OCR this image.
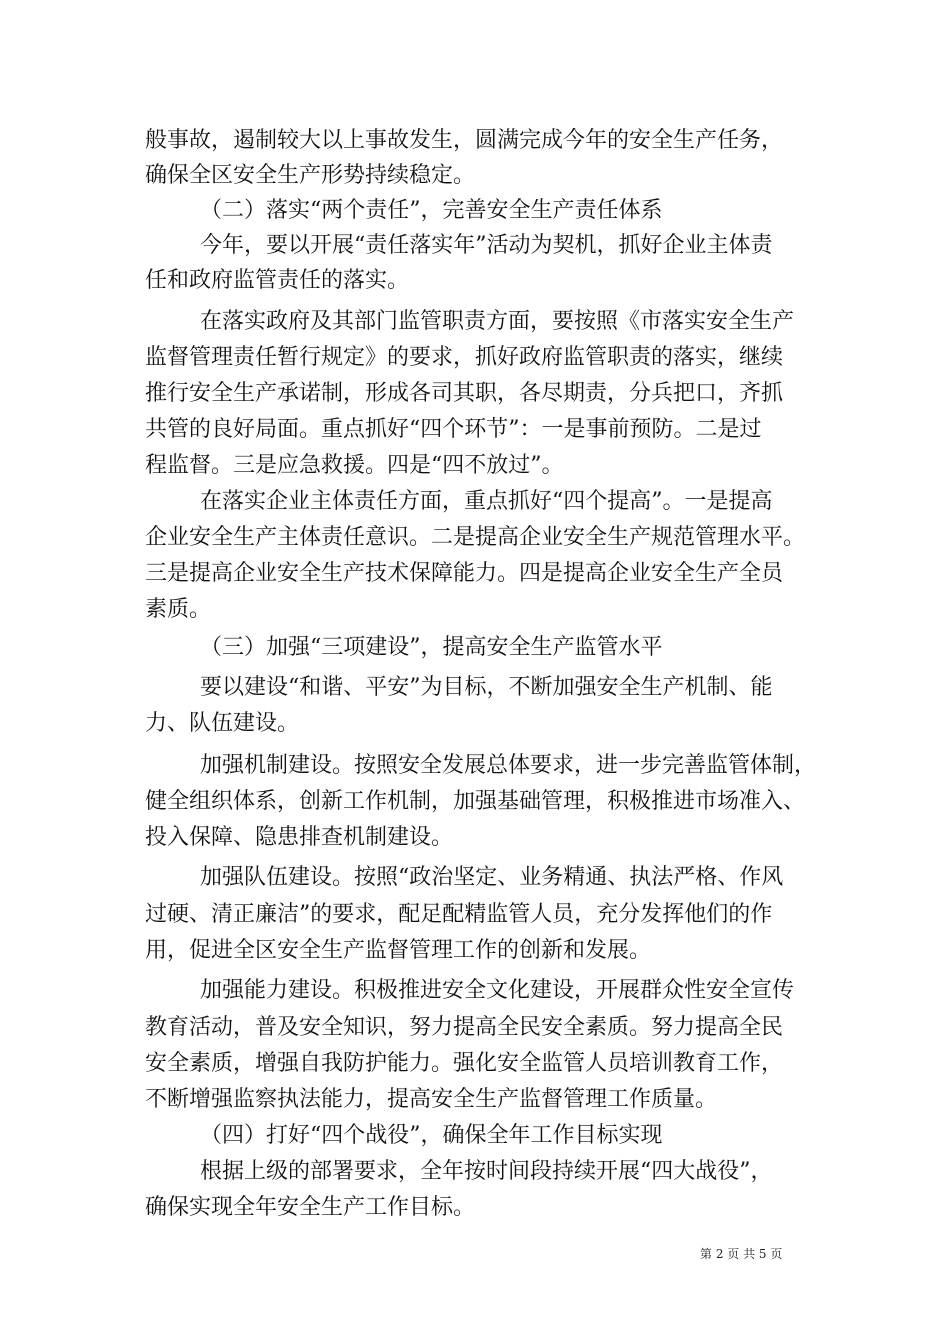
般事故，遏制较大以上事故发生，圆满完成今年的安全生产任务，
确保全区安全生产形势持续稳定。
（二）落实“两个责任”，完善安全生产责任体系
今年，要以开展“责任落实年”活动为契机，抓好企业主体责
任和政府监管责任的落实。
在落实政府及其部门监管职责方面，要按照《市落实安全生产
监督管理责任暂行规定》的要求，抓好政府监管职责的落实，继续
推行安全生产承诺制，形成各司其职，各尽期责，分兵把口，齐抓
共管的良好局面。重点抓好“四个环节”：一是事前预防。二是过
程监督。三是应急救援。四是“四不放过”。
在落实企业主体责任方面，重点抓好“四个提高”。一是提高
企业安全生产主体责任意识。二是提高企业安全生产规范管理水平。
三是提高企业安全生产技术保障能力。四是提高企业安全生产全员
素质。
（三）加强“三项建设”，提高安全生产监管水平
要以建设“和谐、平安”为目标，不断加强安全生产机制、能
力、队伍建设。
加强机制建设。按照安全发展总体要求，进一步完善监管体制，
健全组织体系，创新工作机制，加强基础管理，积极推进市场准入、
投入保障、隐患排查机制建设。
加强队伍建设。按照“政治坚定、业务精通、执法严格、作风
过硬、清正廉洁”的要求，配足配精监管人员，充分发挥他们的作
用，促进全区安全生产监督管理工作的创新和发展。
加强能力建设。积极推进安全文化建设，开展群众性安全宣传
教育活动，普及安全知识，努力提高全民安全素质。努力提高全民
安全素质，增强自我防护能力。强化安全监管人员培训教育工作，
不断增强监察执法能力，提高安全生产监督管理工作质量。
（四）打好“四个战役”，确保全年工作目标实现
根据上级的部署要求，全年按时间段持续开展“四大战役”，
确保实现全年安全生产工作目标。
第 2 页 共 5 页
